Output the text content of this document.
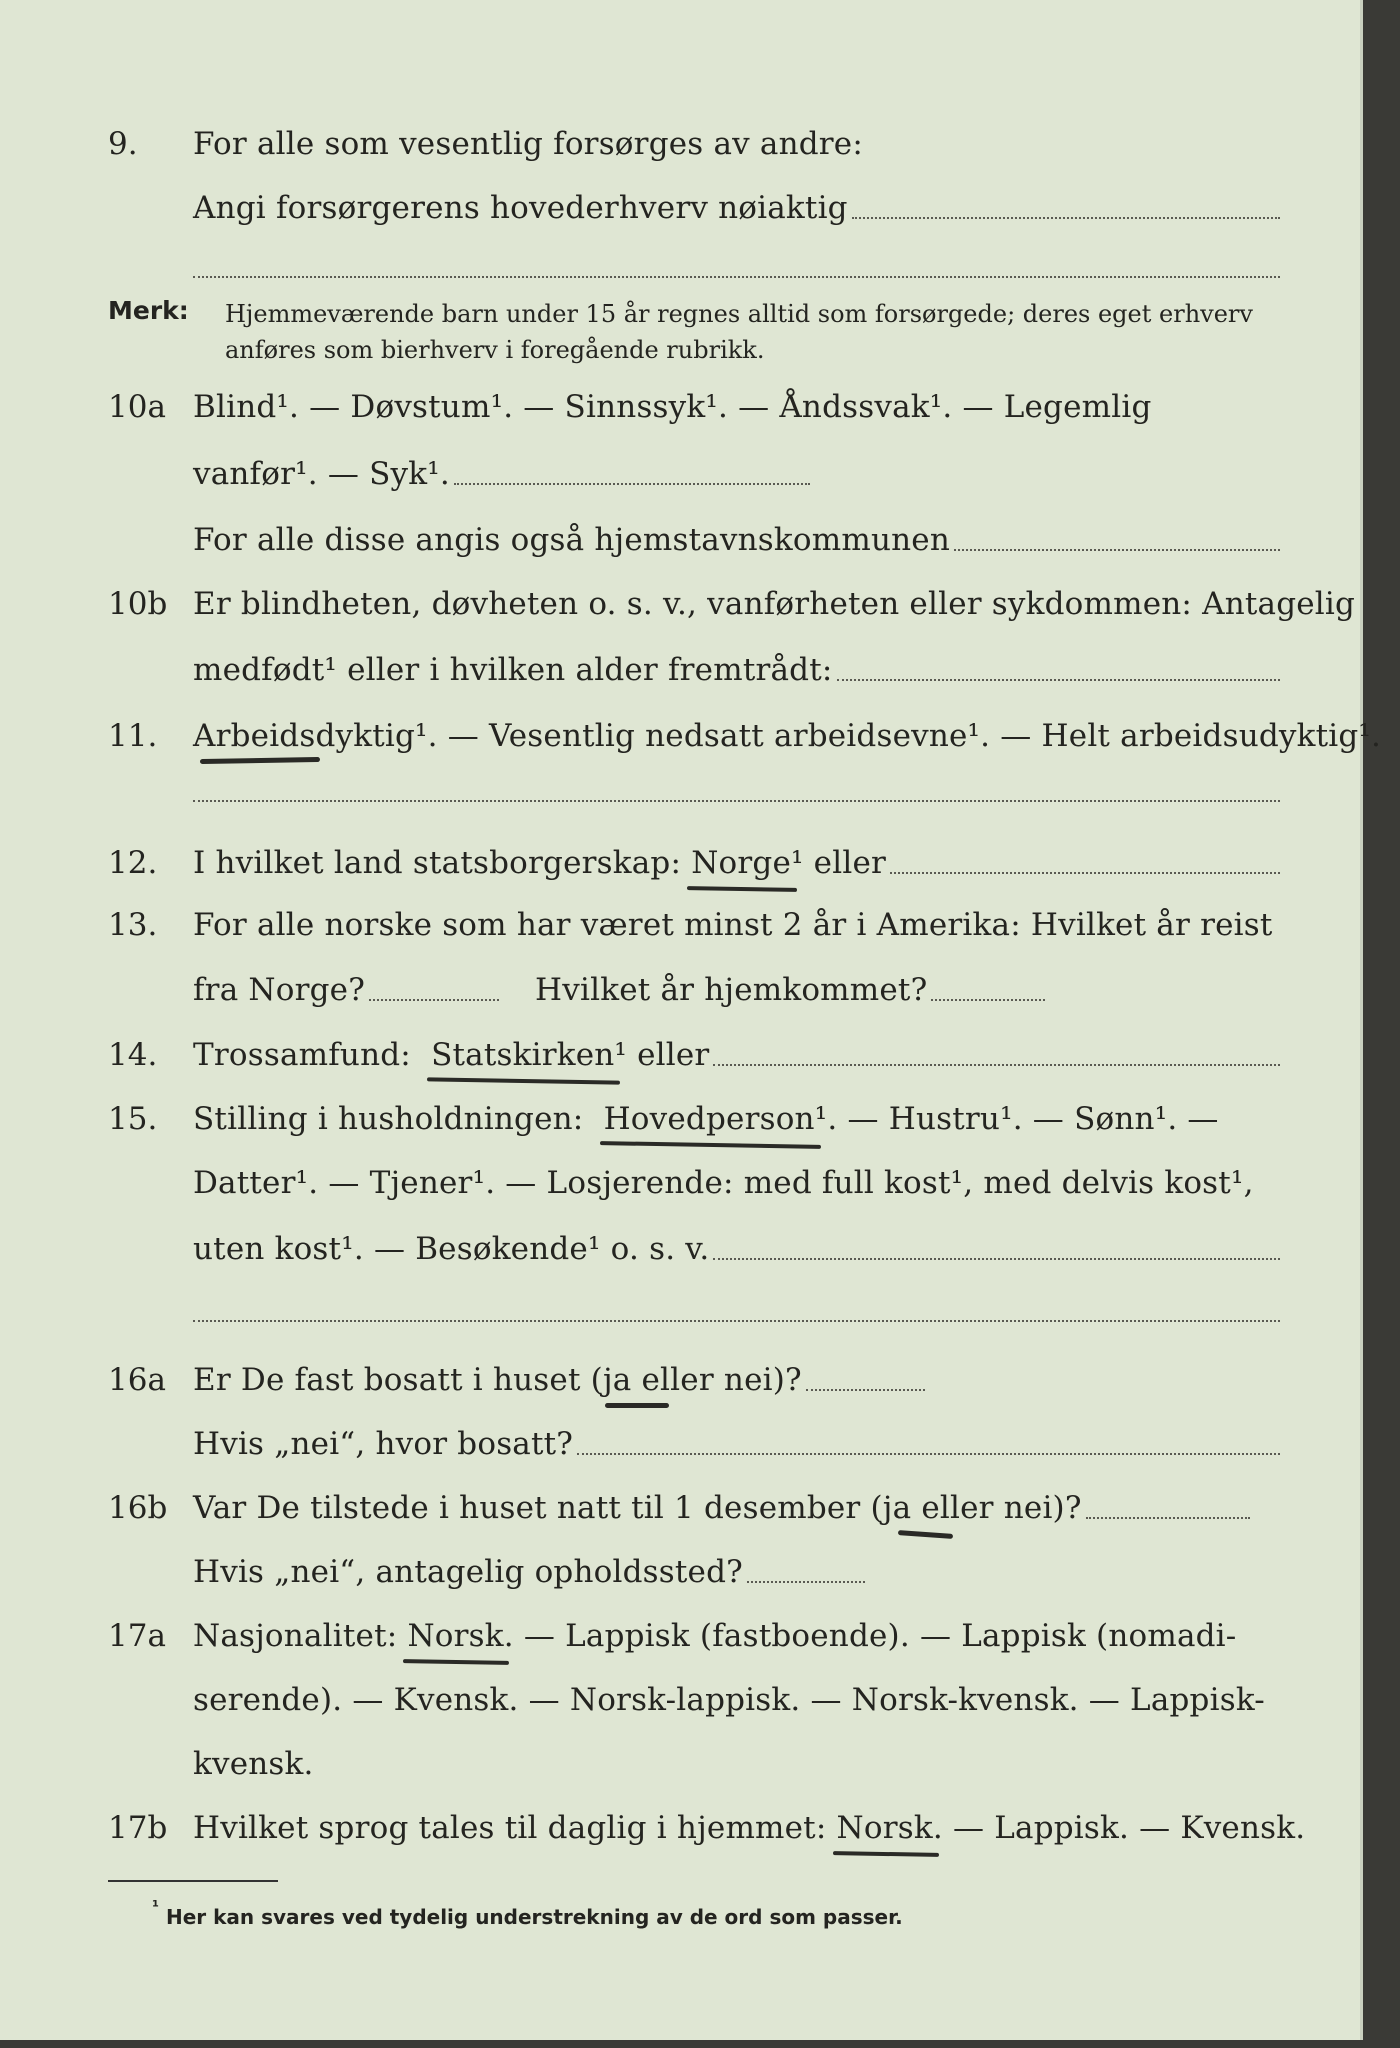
9. For alle som vesentlig forsørges av andre:
Angi forsørgerens hovederhverv nøiaktig
Merk: Hjemmeværende barn under 15 år regnes alltid som forsørgede; deres eget erhverv
anføres som bierhverv i foregående rubrikk.
10a Blind¹. — Døvstum¹. — Sinnssyk¹. — Åndssvak¹. — Legemlig
vanfør¹. — Syk¹.
For alle disse angis også hjemstavnskommunen
10b Er blindheten, døvheten o. s. v., vanførheten eller sykdommen: Antagelig
medfødt¹ eller i hvilken alder fremtrådt:
11. Arbeidsdyktig¹. — Vesentlig nedsatt arbeidsevne¹. — Helt arbeidsudyktig¹.
12. I hvilket land statsborgerskap:
Norge ¹ eller
13. For alle norske som har været minst 2 år i Amerika: Hvilket år reist
fra Norge?	Hvilket år hjemkommet?
14. Trossamfund:
Statskirken ¹ eller
15. Stilling i husholdningen:
Hovedperson ¹. — Hustru¹. — Sønn¹. —
Datter¹. — Tjener¹. — Losjerende: med full kost¹, med delvis kost¹,
uten kost¹. — Besøkende¹ o. s. v.
16a Er De fast bosatt i huset (ja eller nei)?
Hvis „nei“, hvor bosatt?
16b Var De tilstede i huset natt til 1 desember (ja eller nei)?
Hvis „nei“, antagelig opholdssted?
17a Nasjonalitet:
Norsk . — Lappisk (fastboende). — Lappisk (nomadi-
serende). — Kvensk. — Norsk-lappisk. — Norsk-kvensk. — Lappisk-
kvensk.
17b Hvilket sprog tales til daglig i hjemmet:
Norsk . — Lappisk. — Kvensk.
$^{^1}$ Her kan svares ved tydelig understrekning av de ord som passer.
